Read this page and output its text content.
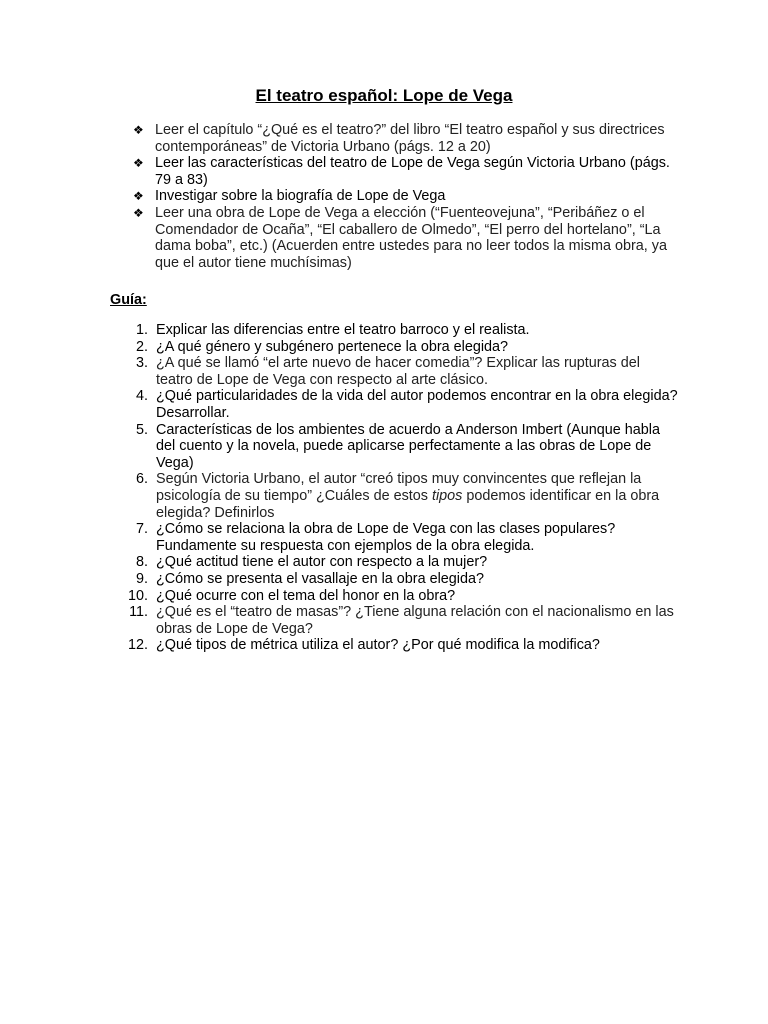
El teatro español: Lope de Vega
❖ Leer el capítulo “¿Qué es el teatro?” del libro “El teatro español y sus directrices contemporáneas” de Victoria Urbano (págs. 12 a 20)
❖ Leer las características del teatro de Lope de Vega según Victoria Urbano (págs. 79 a 83)
❖ Investigar sobre la biografía de Lope de Vega
❖ Leer una obra de Lope de Vega a elección (“Fuenteovejuna”, “Peribáñez o el Comendador de Ocaña”, “El caballero de Olmedo”, “El perro del hortelano”, “La dama boba”, etc.) (Acuerden entre ustedes para no leer todos la misma obra, ya que el autor tiene muchísimas)
Guía:
1. Explicar las diferencias entre el teatro barroco y el realista.
2. ¿A qué género y subgénero pertenece la obra elegida?
3. ¿A qué se llamó “el arte nuevo de hacer comedia”? Explicar las rupturas del teatro de Lope de Vega con respecto al arte clásico.
4. ¿Qué particularidades de la vida del autor podemos encontrar en la obra elegida? Desarrollar.
5. Características de los ambientes de acuerdo a Anderson Imbert (Aunque habla del cuento y la novela, puede aplicarse perfectamente a las obras de Lope de Vega)
6. Según Victoria Urbano, el autor “creó tipos muy convincentes que reflejan la psicología de su tiempo” ¿Cuáles de estos tipos podemos identificar en la obra elegida? Definirlos
7. ¿Cómo se relaciona la obra de Lope de Vega con las clases populares? Fundamente su respuesta con ejemplos de la obra elegida.
8. ¿Qué actitud tiene el autor con respecto a la mujer?
9. ¿Cómo se presenta el vasallaje en la obra elegida?
10. ¿Qué ocurre con el tema del honor en la obra?
11. ¿Qué es el “teatro de masas”? ¿Tiene alguna relación con el nacionalismo en las obras de Lope de Vega?
12. ¿Qué tipos de métrica utiliza el autor? ¿Por qué modifica la modifica?
